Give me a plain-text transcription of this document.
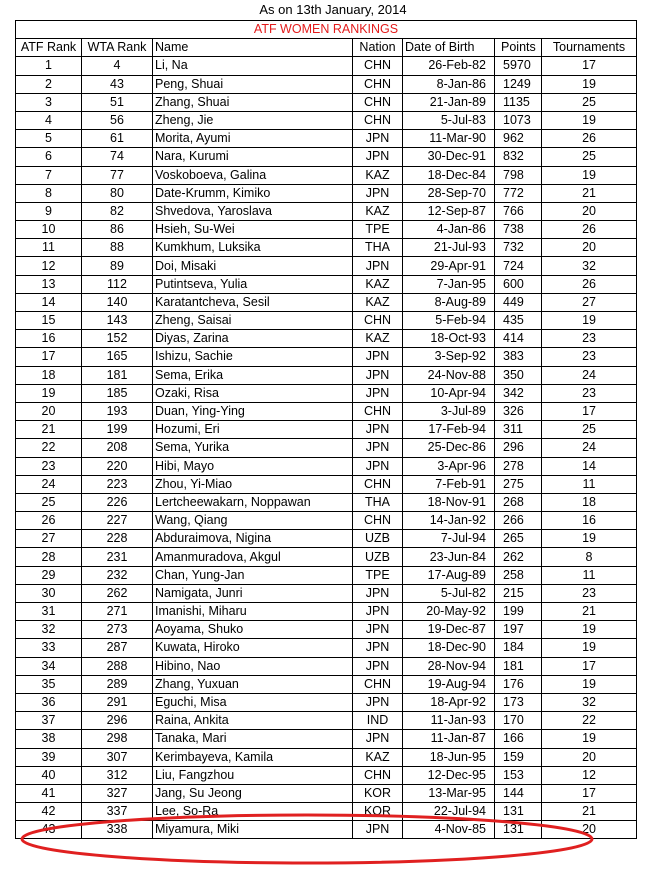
As on 13th January, 2014
ATF WOMEN RANKINGS						
ATF Rank	WTA Rank	Name	Nation	Date of Birth	Points	Tournaments
1	4	Li, Na	CHN	26-Feb-82	5970	17
2	43	Peng, Shuai	CHN	8-Jan-86	1249	19
3	51	Zhang, Shuai	CHN	21-Jan-89	1135	25
4	56	Zheng, Jie	CHN	5-Jul-83	1073	19
5	61	Morita, Ayumi	JPN	11-Mar-90	962	26
6	74	Nara, Kurumi	JPN	30-Dec-91	832	25
7	77	Voskoboeva, Galina	KAZ	18-Dec-84	798	19
8	80	Date-Krumm, Kimiko	JPN	28-Sep-70	772	21
9	82	Shvedova, Yaroslava	KAZ	12-Sep-87	766	20
10	86	Hsieh, Su-Wei	TPE	4-Jan-86	738	26
11	88	Kumkhum, Luksika	THA	21-Jul-93	732	20
12	89	Doi, Misaki	JPN	29-Apr-91	724	32
13	112	Putintseva, Yulia	KAZ	7-Jan-95	600	26
14	140	Karatantcheva, Sesil	KAZ	8-Aug-89	449	27
15	143	Zheng, Saisai	CHN	5-Feb-94	435	19
16	152	Diyas, Zarina	KAZ	18-Oct-93	414	23
17	165	Ishizu, Sachie	JPN	3-Sep-92	383	23
18	181	Sema, Erika	JPN	24-Nov-88	350	24
19	185	Ozaki, Risa	JPN	10-Apr-94	342	23
20	193	Duan, Ying-Ying	CHN	3-Jul-89	326	17
21	199	Hozumi, Eri	JPN	17-Feb-94	311	25
22	208	Sema, Yurika	JPN	25-Dec-86	296	24
23	220	Hibi, Mayo	JPN	3-Apr-96	278	14
24	223	Zhou, Yi-Miao	CHN	7-Feb-91	275	11
25	226	Lertcheewakarn, Noppawan	THA	18-Nov-91	268	18
26	227	Wang, Qiang	CHN	14-Jan-92	266	16
27	228	Abduraimova, Nigina	UZB	7-Jul-94	265	19
28	231	Amanmuradova, Akgul	UZB	23-Jun-84	262	8
29	232	Chan, Yung-Jan	TPE	17-Aug-89	258	11
30	262	Namigata, Junri	JPN	5-Jul-82	215	23
31	271	Imanishi, Miharu	JPN	20-May-92	199	21
32	273	Aoyama, Shuko	JPN	19-Dec-87	197	19
33	287	Kuwata, Hiroko	JPN	18-Dec-90	184	19
34	288	Hibino, Nao	JPN	28-Nov-94	181	17
35	289	Zhang, Yuxuan	CHN	19-Aug-94	176	19
36	291	Eguchi, Misa	JPN	18-Apr-92	173	32
37	296	Raina, Ankita	IND	11-Jan-93	170	22
38	298	Tanaka, Mari	JPN	11-Jan-87	166	19
39	307	Kerimbayeva, Kamila	KAZ	18-Jun-95	159	20
40	312	Liu, Fangzhou	CHN	12-Dec-95	153	12
41	327	Jang, Su Jeong	KOR	13-Mar-95	144	17
42	337	Lee, So-Ra	KOR	22-Jul-94	131	21
43	338	Miyamura, Miki	JPN	4-Nov-85	131	20
